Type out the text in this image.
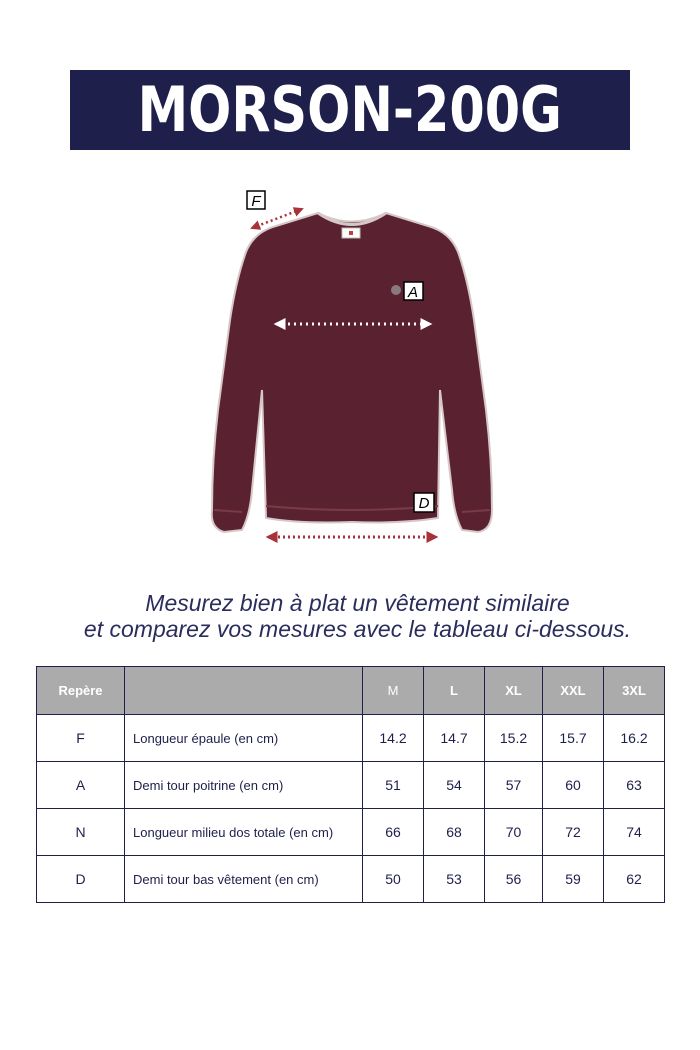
MORSON-200G
F
A
D
Mesurez bien à plat un vêtement similaire
et comparez vos mesures avec le tableau ci-dessous.
Repère		M	L	XL	XXL	3XL
F	Longueur épaule (en cm)	14.2	14.7	15.2	15.7	16.2
A	Demi tour poitrine (en cm)	51	54	57	60	63
N	Longueur milieu dos totale (en cm)	66	68	70	72	74
D	Demi tour bas vêtement (en cm)	50	53	56	59	62
